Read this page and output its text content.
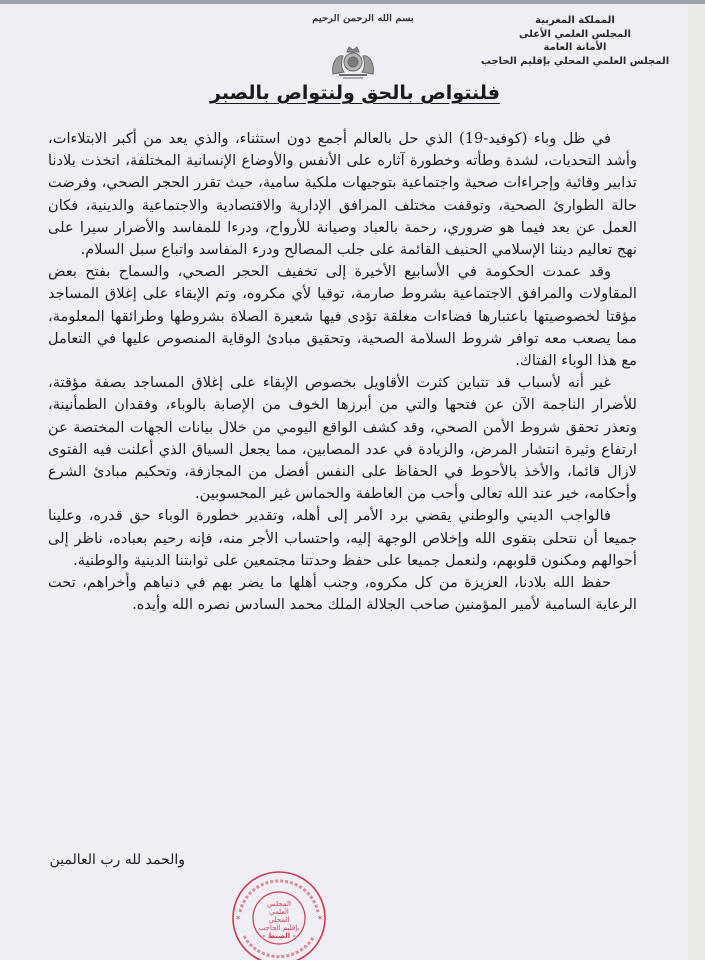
المملكة المغربية
المجلس العلمي الأعلى
الأمانة العامة
المجلس العلمي المحلي بإقليم الحاجب
بسم الله الرحمن الرحيم
فلنتواص بالحق ولنتواص بالصبر

في ظل وباء (كوفيد-19) الذي حل بالعالم أجمع دون استثناء، والذي يعد من أكبر الابتلاءات، وأشد التحديات، لشدة وطأته وخطورة آثاره على الأنفس والأوضاع الإنسانية المختلفة، اتخذت بلادنا تدابير وقائية وإجراءات صحية واجتماعية بتوجيهات ملكية سامية، حيث تقرر الحجر الصحي، وفرضت حالة الطوارئ الصحية، وتوقفت مختلف المرافق الإدارية والاقتصادية والاجتماعية والدينية، فكان العمل عن بعد فيما هو ضروري، رحمة بالعباد وصيانة للأرواح، ودرءا للمفاسد والأضرار سيرا على نهج تعاليم ديننا الإسلامي الحنيف القائمة على جلب المصالح ودرء المفاسد واتباع سبل السلام.

وقد عمدت الحكومة في الأسابيع الأخيرة إلى تخفيف الحجر الصحي، والسماح بفتح بعض المقاولات والمرافق الاجتماعية بشروط صارمة، توقيا لأي مكروه، وتم الإبقاء على إغلاق المساجد مؤقتا لخصوصيتها باعتبارها فضاءات مغلقة تؤدى فيها شعيرة الصلاة بشروطها وطرائقها المعلومة، مما يصعب معه توافر شروط السلامة الصحية، وتحقيق مبادئ الوقاية المنصوص عليها في التعامل مع هذا الوباء الفتاك.

غير أنه لأسباب قد تتباين كثرت الأقاويل بخصوص الإبقاء على إغلاق المساجد بصفة مؤقتة، للأضرار الناجمة الآن عن فتحها والتي من أبرزها الخوف من الإصابة بالوباء، وفقدان الطمأنينة، وتعذر تحقق شروط الأمن الصحي، وقد كشف الواقع اليومي من خلال بيانات الجهات المختصة عن ارتفاع وثيرة انتشار المرض، والزيادة في عدد المصابين، مما يجعل السياق الذي أعلنت فيه الفتوى لازال قائما، والأخذ بالأحوط في الحفاظ على النفس أفضل من المجازفة، وتحكيم مبادئ الشرع وأحكامه، خير عند الله تعالى وأحب من العاطفة والحماس غير المحسوبين.

فالواجب الديني والوطني يقضي برد الأمر إلى أهله، وتقدير خطورة الوباء حق قدره، وعلينا جميعا أن نتحلى بتقوى الله وإخلاص الوجهة إليه، واحتساب الأجر منه، فإنه رحيم بعباده، ناظر إلى أحوالهم ومكنون قلوبهم، ولنعمل جميعا على حفظ وحدتنا مجتمعين على ثوابتنا الدينية والوطنية.

حفظ الله بلادنا، العزيزة من كل مكروه، وجنب أهلها ما يضر بهم في دنياهم وأخراهم، تحت الرعاية السامية لأمير المؤمنين صاحب الجلالة الملك محمد السادس نصره الله وأيده.

والحمد لله رب العالمين
المجلس
العلمي
المحلي
بإقليم الحاجب
- الضبط -
*
*
